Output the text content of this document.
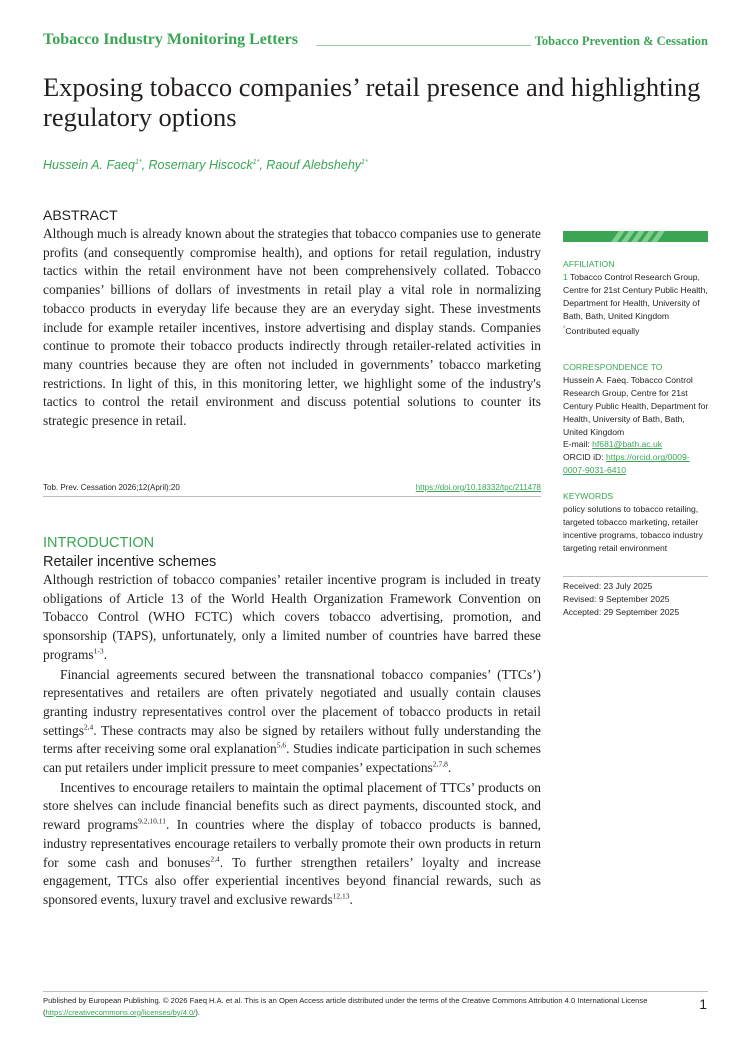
Tobacco Industry Monitoring Letters	Tobacco Prevention & Cessation
Exposing tobacco companies’ retail presence and highlighting regulatory options
Hussein A. Faeq$^{1*}$, Rosemary Hiscock$^{1*}$, Raouf Alebshehy$^{1*}$
ABSTRACT

Although much is already known about the strategies that tobacco companies use to generate profits (and consequently compromise health), and options for retail regulation, industry tactics within the retail environment have not been comprehensively collated. Tobacco companies’ billions of dollars of investments in retail play a vital role in normalizing tobacco products in everyday life because they are an everyday sight. These investments include for example retailer incentives, instore advertising and display stands. Companies continue to promote their tobacco products indirectly through retailer-related activities in many countries because they are often not included in governments’ tobacco marketing restrictions. In light of this, in this monitoring letter, we highlight some of the industry's tactics to control the retail environment and discuss potential solutions to counter its strategic presence in retail.

Tob. Prev. Cessation 2026;12(April):20	https://doi.org/10.18332/tpc/211478
INTRODUCTION
Retailer incentive schemes

Although restriction of tobacco companies’ retailer incentive program is included in treaty obligations of Article 13 of the World Health Organization Framework Convention on Tobacco Control (WHO FCTC) which covers tobacco advertising, promotion, and sponsorship (TAPS), unfortunately, only a limited number of countries have barred these programs$^{1-3}$.

Financial agreements secured between the transnational tobacco companies’ (TTCs’) representatives and retailers are often privately negotiated and usually contain clauses granting industry representatives control over the placement of tobacco products in retail settings$^{2,4}$. These contracts may also be signed by retailers without fully understanding the terms after receiving some oral explanation$^{5,6}$. Studies indicate participation in such schemes can put retailers under implicit pressure to meet companies’ expectations$^{2,7,8}$.

Incentives to encourage retailers to maintain the optimal placement of TTCs’ products on store shelves can include financial benefits such as direct payments, discounted stock, and reward programs$^{9,2,10,11}$. In countries where the display of tobacco products is banned, industry representatives encourage retailers to verbally promote their own products in return for some cash and bonuses$^{2,4}$. To further strengthen retailers’ loyalty and increase engagement, TTCs also offer experiential incentives beyond financial rewards, such as sponsored events, luxury travel and exclusive rewards$^{12,13}$.

AFFILIATION
1 Tobacco Control Research Group, Centre for 21st Century Public Health, Department for Health, University of Bath, Bath, United Kingdom
*Contributed equally
CORRESPONDENCE TO
Hussein A. Faeq. Tobacco Control Research Group, Centre for 21st Century Public Health, Department for Health, University of Bath, Bath, United Kingdom
E-mail: hf681@bath.ac.uk
ORCID iD: https://orcid.org/0009-0007-9031-6410
KEYWORDS
policy solutions to tobacco retailing, targeted tobacco marketing, retailer incentive programs, tobacco industry targeting retail environment
Received: 23 July 2025
Revised: 9 September 2025
Accepted: 29 September 2025
Published by European Publishing. © 2026 Faeq H.A. et al. This is an Open Access article distributed under the terms of the Creative Commons Attribution 4.0 International License (https://creativecommons.org/licenses/by/4.0/).	1
